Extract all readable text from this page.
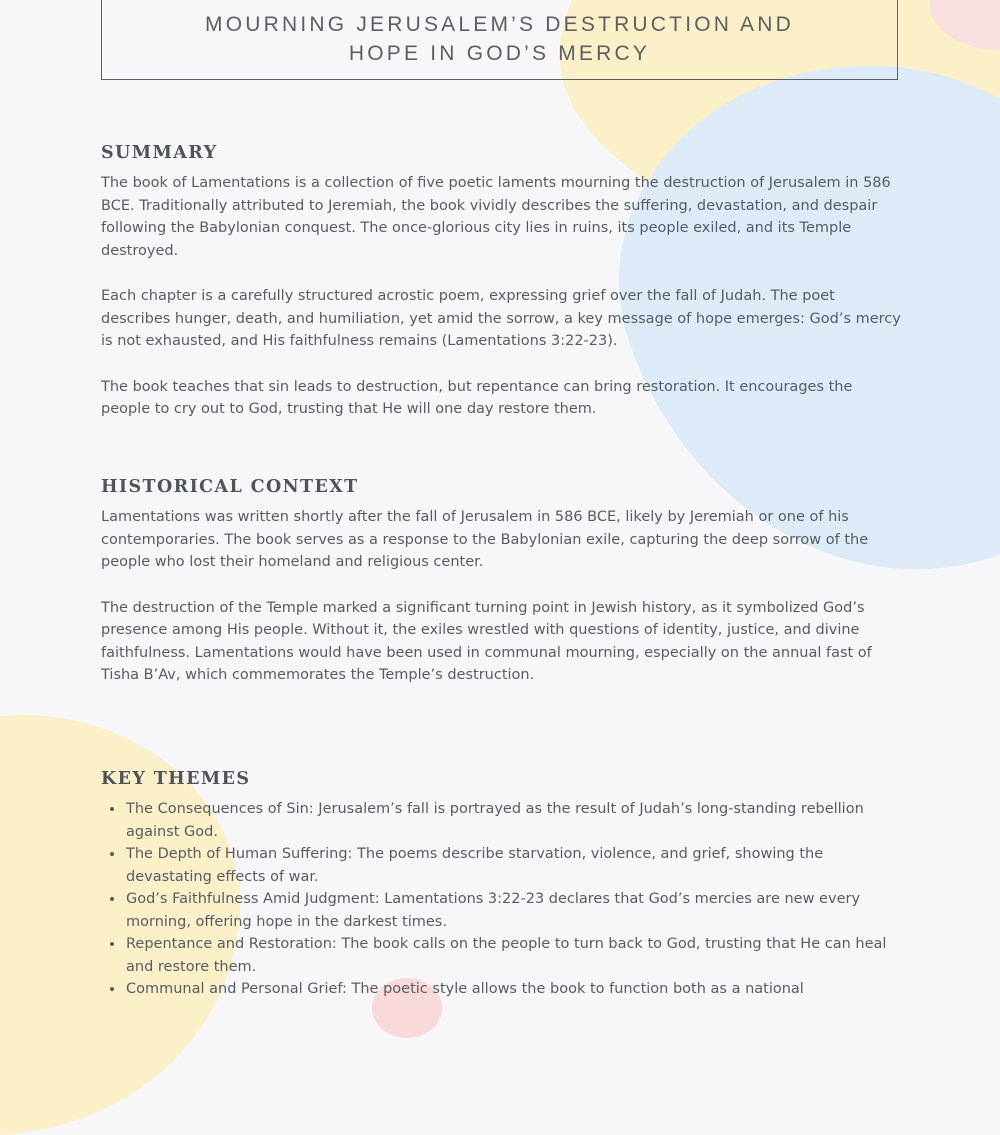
MOURNING JERUSALEM’S DESTRUCTION AND
HOPE IN GOD’S MERCY
SUMMARY

The book of Lamentations is a collection of five poetic laments mourning the destruction of Jerusalem in 586 BCE. Traditionally attributed to Jeremiah, the book vividly describes the suffering, devastation, and despair following the Babylonian conquest. The once-glorious city lies in ruins, its people exiled, and its Temple destroyed.

Each chapter is a carefully structured acrostic poem, expressing grief over the fall of Judah. The poet describes hunger, death, and humiliation, yet amid the sorrow, a key message of hope emerges: God’s mercy is not exhausted, and His faithfulness remains (Lamentations 3:22-23).

The book teaches that sin leads to destruction, but repentance can bring restoration. It encourages the people to cry out to God, trusting that He will one day restore them.

HISTORICAL CONTEXT

Lamentations was written shortly after the fall of Jerusalem in 586 BCE, likely by Jeremiah or one of his contemporaries. The book serves as a response to the Babylonian exile, capturing the deep sorrow of the people who lost their homeland and religious center.

The destruction of the Temple marked a significant turning point in Jewish history, as it symbolized God’s presence among His people. Without it, the exiles wrestled with questions of identity, justice, and divine faithfulness. Lamentations would have been used in communal mourning, especially on the annual fast of Tisha B’Av, which commemorates the Temple’s destruction.

KEY THEMES
• The Consequences of Sin: Jerusalem’s fall is portrayed as the result of Judah’s long-standing rebellion against God.
• The Depth of Human Suffering: The poems describe starvation, violence, and grief, showing the devastating effects of war.
• God’s Faithfulness Amid Judgment: Lamentations 3:22-23 declares that God’s mercies are new every morning, offering hope in the darkest times.
• Repentance and Restoration: The book calls on the people to turn back to God, trusting that He can heal and restore them.
• Communal and Personal Grief: The poetic style allows the book to function both as a national
